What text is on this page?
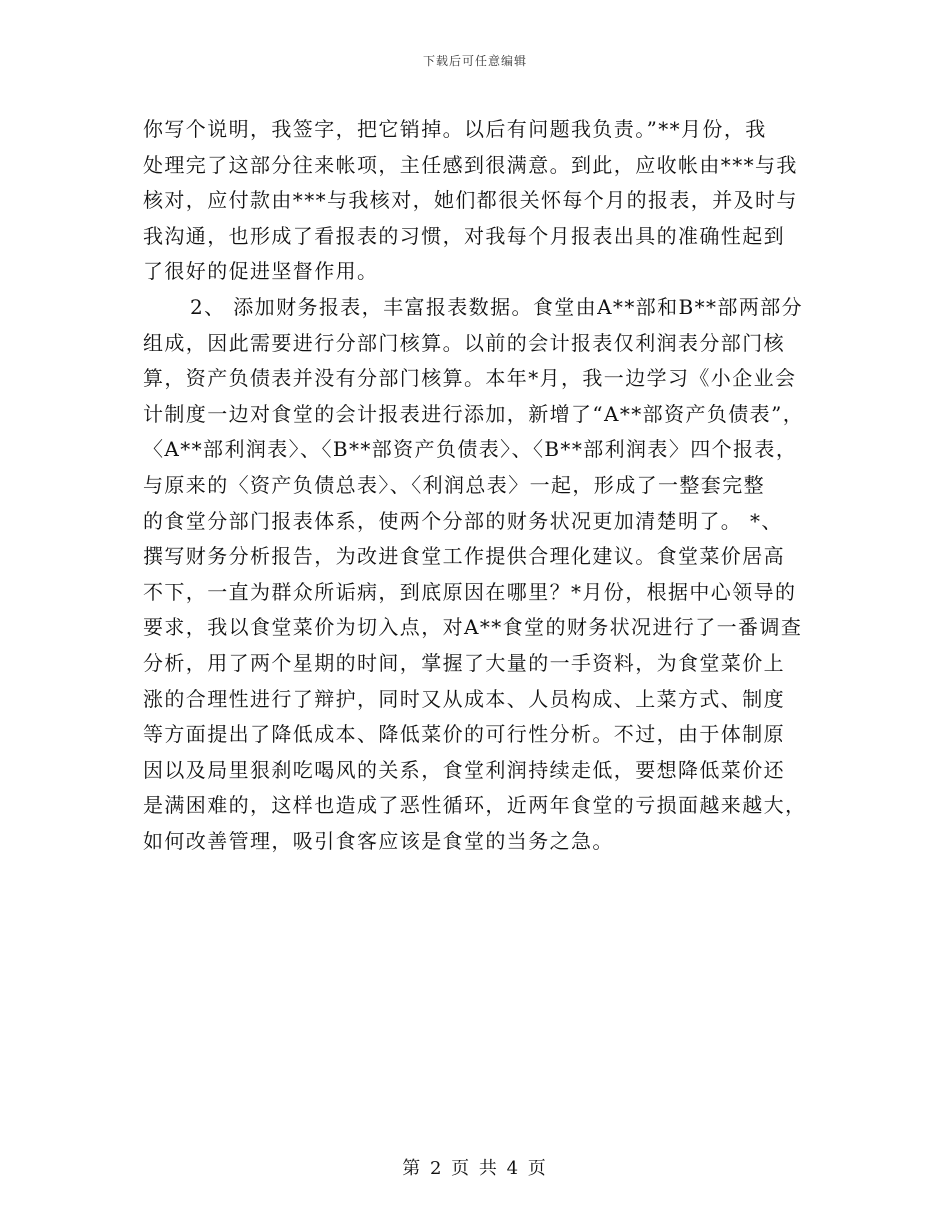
下载后可任意编辑
你写个说明，我签字，把它销掉。以后有问题我负责。”**月份，我
处理完了这部分往来帐项，主任感到很满意。到此，应收帐由***与我
核对，应付款由***与我核对，她们都很关怀每个月的报表，并及时与
我沟通，也形成了看报表的习惯，对我每个月报表出具的准确性起到
了很好的促进坚督作用。
2、 添加财务报表，丰富报表数据。食堂由A**部和B**部两部分
组成，因此需要进行分部门核算。以前的会计报表仅利润表分部门核
算，资产负债表并没有分部门核算。本年*月，我一边学习《小企业会
计制度一边对食堂的会计报表进行添加，新增了“A**部资产负债表”，
〈A**部利润表〉、〈B**部资产负债表〉、〈B**部利润表〉四个报表，
与原来的〈资产负债总表〉、〈利润总表〉一起，形成了一整套完整
的食堂分部门报表体系，使两个分部的财务状况更加清楚明了。 *、
撰写财务分析报告，为改进食堂工作提供合理化建议。食堂菜价居高
不下，一直为群众所诟病，到底原因在哪里？*月份，根据中心领导的
要求，我以食堂菜价为切入点，对A**食堂的财务状况进行了一番调查
分析，用了两个星期的时间，掌握了大量的一手资料，为食堂菜价上
涨的合理性进行了辩护，同时又从成本、人员构成、上菜方式、制度
等方面提出了降低成本、降低菜价的可行性分析。不过，由于体制原
因以及局里狠刹吃喝风的关系，食堂利润持续走低，要想降低菜价还
是满困难的，这样也造成了恶性循环，近两年食堂的亏损面越来越大，
如何改善管理，吸引食客应该是食堂的当务之急。
第 2 页 共 4 页
